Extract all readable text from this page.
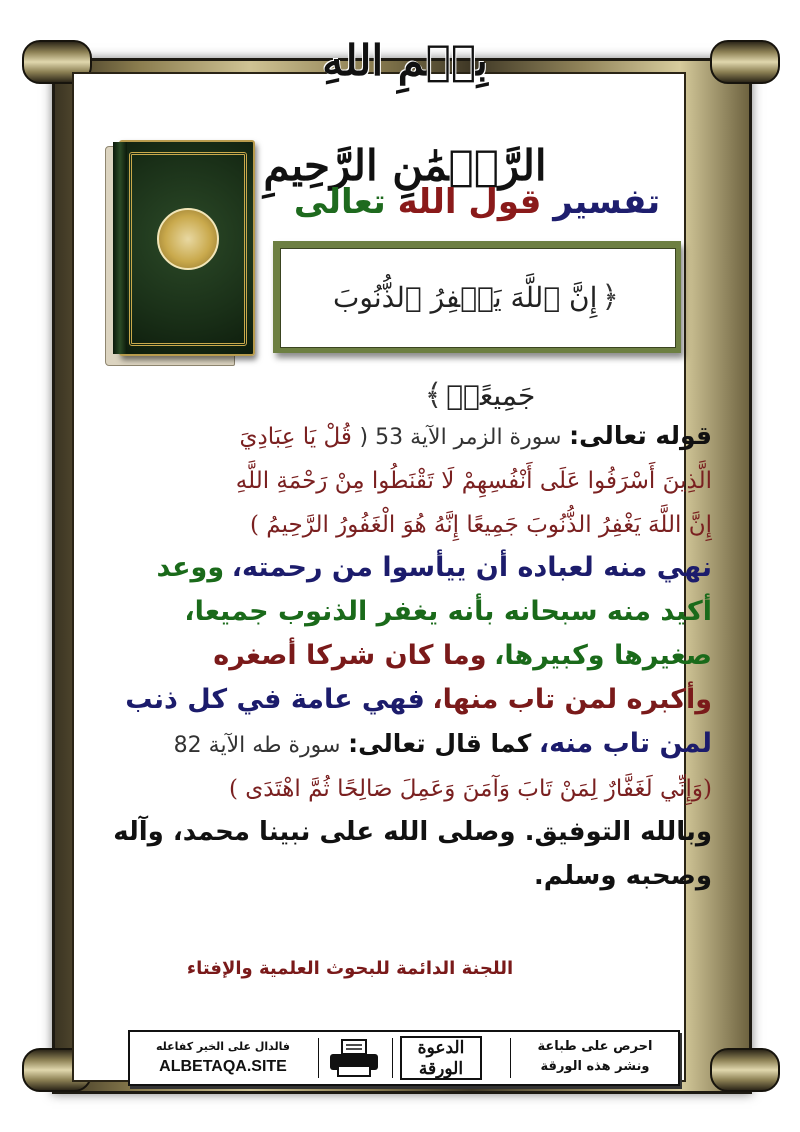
بِسۡمِ اللهِ الرَّحۡمَٰنِ الرَّحِيمِ
تفسير قول الله تعالى
﴿إِنَّ ٱللَّهَ يَغۡفِرُ ٱلذُّنُوبَ جَمِيعًاۚ﴾
قوله تعالى: سورة الزمر الآية 53 ( قُلْ يَا عِبَادِيَ
الَّذِينَ أَسْرَفُوا عَلَى أَنْفُسِهِمْ لَا تَقْنَطُوا مِنْ رَحْمَةِ اللَّهِ
إِنَّ اللَّهَ يَغْفِرُ الذُّنُوبَ جَمِيعًا إِنَّهُ هُوَ الْغَفُورُ الرَّحِيمُ )
نهي منه لعباده أن ييأسوا من رحمته، ووعد
أكيد منه سبحانه بأنه يغفر الذنوب جميعا،
صغيرها وكبيرها، وما كان شركا أصغره
وأكبره لمن تاب منها، فهي عامة في كل ذنب
لمن تاب منه، كما قال تعالى: سورة طه الآية 82
(وَإِنِّي لَغَفَّارٌ لِمَنْ تَابَ وَآمَنَ وَعَمِلَ صَالِحًا ثُمَّ اهْتَدَى )
وبالله التوفيق. وصلى الله على نبينا محمد، وآله
وصحبه وسلم.
اللجنة الدائمة للبحوث العلمية والإفتاء
فالدال على الخير كفاعله
ALBETAQA.SITE
الدعوة
الورقة
احرص على طباعة
ونشر هذه الورقة
